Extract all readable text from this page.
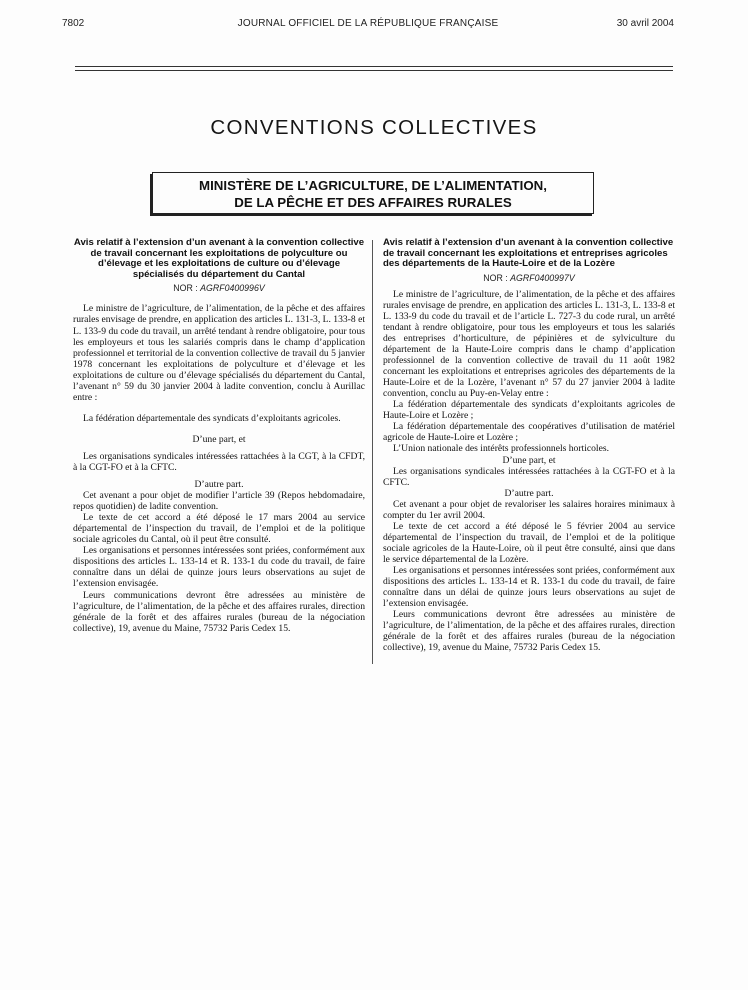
7802	JOURNAL OFFICIEL DE LA RÉPUBLIQUE FRANÇAISE	30 avril 2004
CONVENTIONS COLLECTIVES
MINISTÈRE DE L’AGRICULTURE, DE L’ALIMENTATION,
DE LA PÊCHE ET DES AFFAIRES RURALES
Avis relatif à l’extension d’un avenant à la convention collective de travail concernant les exploitations de polyculture ou d’élevage et les exploitations de culture ou d’élevage spécialisés du département du Cantal
NOR : AGRF0400996V

Le ministre de l’agriculture, de l’alimentation, de la pêche et des affaires rurales envisage de prendre, en application des articles L. 131-3, L. 133-8 et L. 133-9 du code du travail, un arrêté tendant à rendre obligatoire, pour tous les employeurs et tous les salariés compris dans le champ d’application professionnel et territorial de la convention collective de travail du 5 janvier 1978 concernant les exploitations de polyculture et d’élevage et les exploitations de culture ou d’élevage spécialisés du département du Cantal, l’avenant n° 59 du 30 janvier 2004 à ladite convention, conclu à Aurillac entre :

La fédération départementale des syndicats d’exploitants agricoles.

D’une part, et

Les organisations syndicales intéressées rattachées à la CGT, à la CFDT, à la CGT-FO et à la CFTC.

D’autre part.

Cet avenant a pour objet de modifier l’article 39 (Repos hebdomadaire, repos quotidien) de ladite convention.

Le texte de cet accord a été déposé le 17 mars 2004 au service départemental de l’inspection du travail, de l’emploi et de la politique sociale agricoles du Cantal, où il peut être consulté.

Les organisations et personnes intéressées sont priées, conformément aux dispositions des articles L. 133-14 et R. 133-1 du code du travail, de faire connaître dans un délai de quinze jours leurs observations au sujet de l’extension envisagée.

Leurs communications devront être adressées au ministère de l’agriculture, de l’alimentation, de la pêche et des affaires rurales, direction générale de la forêt et des affaires rurales (bureau de la négociation collective), 19, avenue du Maine, 75732 Paris Cedex 15.

Avis relatif à l’extension d’un avenant à la convention collective de travail concernant les exploitations et entreprises agricoles des départements de la Haute-Loire et de la Lozère
NOR : AGRF0400997V

Le ministre de l’agriculture, de l’alimentation, de la pêche et des affaires rurales envisage de prendre, en application des articles L. 131-3, L. 133-8 et L. 133-9 du code du travail et de l’article L. 727-3 du code rural, un arrêté tendant à rendre obligatoire, pour tous les employeurs et tous les salariés des entreprises d’horticulture, de pépinières et de sylviculture du département de la Haute-Loire compris dans le champ d’application professionnel de la convention collective de travail du 11 août 1982 concernant les exploitations et entreprises agricoles des départements de la Haute-Loire et de la Lozère, l’avenant n° 57 du 27 janvier 2004 à ladite convention, conclu au Puy-en-Velay entre :

La fédération départementale des syndicats d’exploitants agricoles de Haute-Loire et Lozère ;

La fédération départementale des coopératives d’utilisation de matériel agricole de Haute-Loire et Lozère ;

L’Union nationale des intérêts professionnels horticoles.

D’une part, et

Les organisations syndicales intéressées rattachées à la CGT-FO et à la CFTC.

D’autre part.

Cet avenant a pour objet de revaloriser les salaires horaires minimaux à compter du 1er avril 2004.

Le texte de cet accord a été déposé le 5 février 2004 au service départemental de l’inspection du travail, de l’emploi et de la politique sociale agricoles de la Haute-Loire, où il peut être consulté, ainsi que dans le service départemental de la Lozère.

Les organisations et personnes intéressées sont priées, conformément aux dispositions des articles L. 133-14 et R. 133-1 du code du travail, de faire connaître dans un délai de quinze jours leurs observations au sujet de l’extension envisagée.

Leurs communications devront être adressées au ministère de l’agriculture, de l’alimentation, de la pêche et des affaires rurales, direction générale de la forêt et des affaires rurales (bureau de la négociation collective), 19, avenue du Maine, 75732 Paris Cedex 15.
